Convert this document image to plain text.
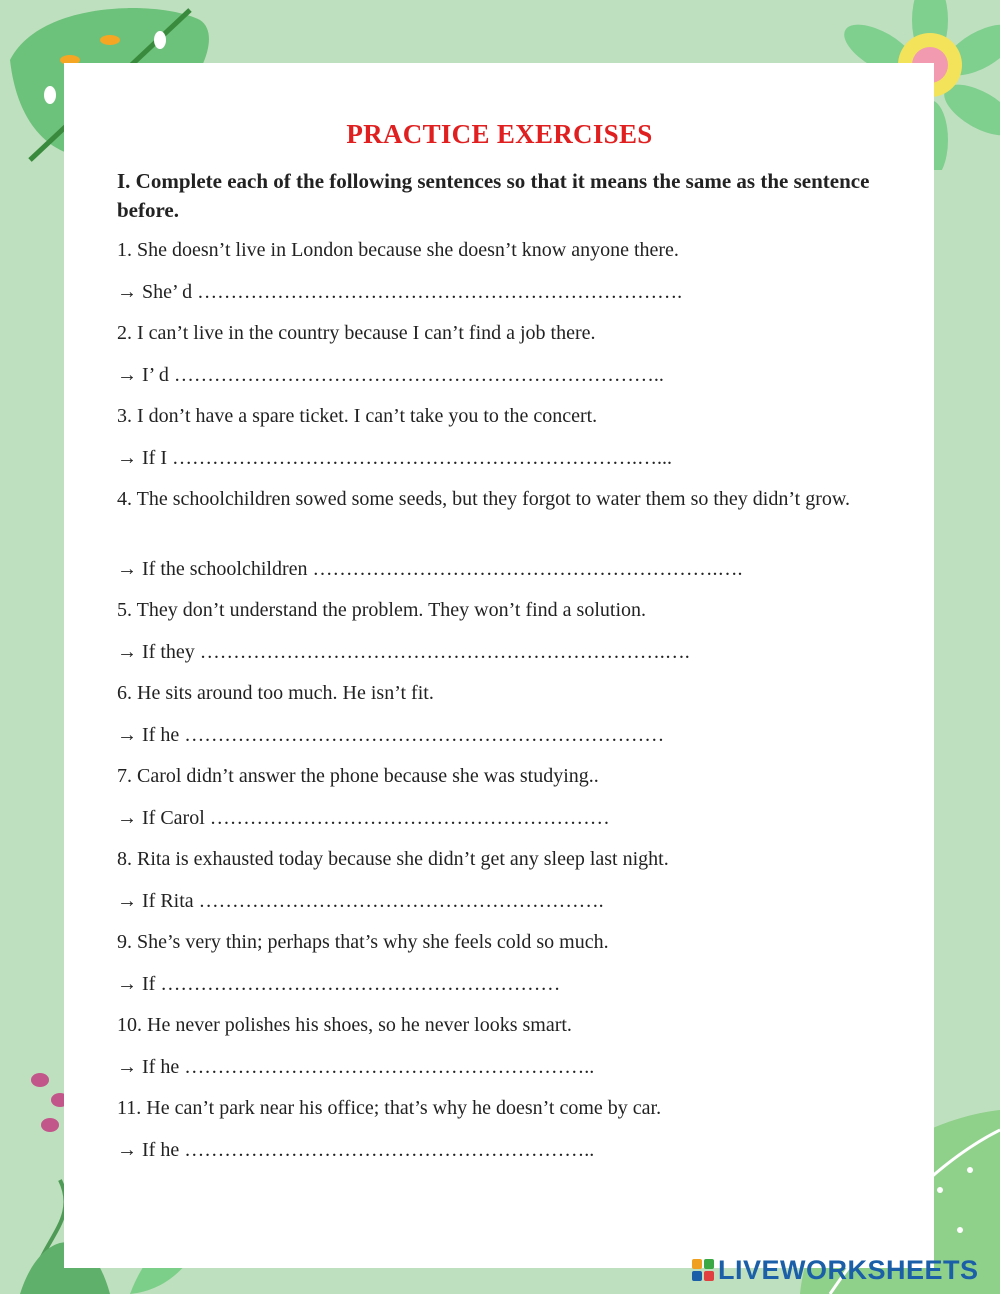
PRACTICE EXERCISES
I. Complete each of the following sentences so that it means the same as the sentence before.
1. She doesn’t live in London because she doesn’t know anyone there.
→ She’ d ……………………………………………………………….
2. I can’t live in the country because I can’t find a job there.
→ I’ d ………………………………………………………………..
3. I don’t have a spare ticket. I can’t take you to the concert.
→ If I …………………………………………………………….…...
4. The schoolchildren sowed some seeds, but they forgot to water them so they didn’t grow.
→ If the schoolchildren …………………………………………………….….
5. They don’t understand the problem. They won’t find a solution.
→ If they …………………………………………………………….….
6. He sits around too much. He isn’t fit.
→ If he ………………………………………………………………
7. Carol didn’t answer the phone because she was studying..
→ If Carol ……………………………………………………
8. Rita is exhausted today because she didn’t get any sleep last night.
→ If Rita …………………………………………………….
9. She’s very thin; perhaps that’s why she feels cold so much.
→ If ……………………………………………………
10. He never polishes his shoes, so he never looks smart.
→ If he ……………………………………………………..
11. He can’t park near his office; that’s why he doesn’t come by car.
→ If he ……………………………………………………..
LIVEWORKSHEETS
